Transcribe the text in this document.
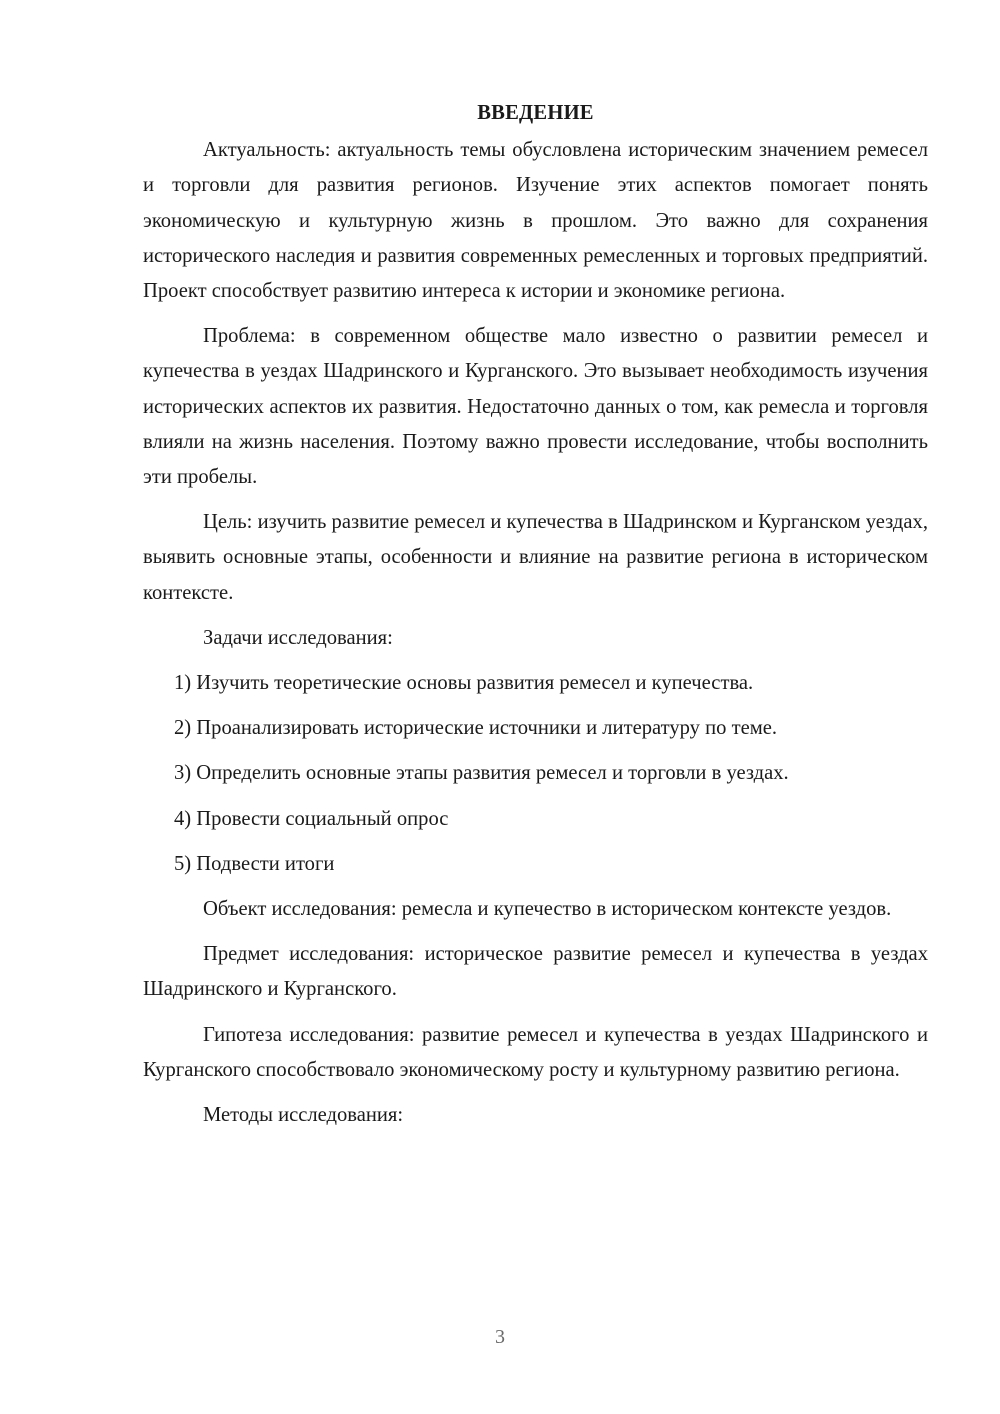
ВВЕДЕНИЕ

Актуальность: актуальность темы обусловлена историческим значением ремесел и торговли для развития регионов. Изучение этих аспектов помогает понять экономическую и культурную жизнь в прошлом. Это важно для сохранения исторического наследия и развития современных ремесленных и торговых предприятий. Проект способствует развитию интереса к истории и экономике региона.

Проблема: в современном обществе мало известно о развитии ремесел и купечества в уездах Шадринского и Курганского. Это вызывает необходимость изучения исторических аспектов их развития. Недостаточно данных о том, как ремесла и торговля влияли на жизнь населения. Поэтому важно провести исследование, чтобы восполнить эти пробелы.

Цель: изучить развитие ремесел и купечества в Шадринском и Курганском уездах, выявить основные этапы, особенности и влияние на развитие региона в историческом контексте.

Задачи исследования:

1) Изучить теоретические основы развития ремесел и купечества.
2) Проанализировать исторические источники и литературу по теме.
3) Определить основные этапы развития ремесел и торговли в уездах.
4) Провести социальный опрос
5) Подвести итоги

Объект исследования: ремесла и купечество в историческом контексте уездов.

Предмет исследования: историческое развитие ремесел и купечества в уездах Шадринского и Курганского.

Гипотеза исследования: развитие ремесел и купечества в уездах Шадринского и Курганского способствовало экономическому росту и культурному развитию региона.

Методы исследования:

3
